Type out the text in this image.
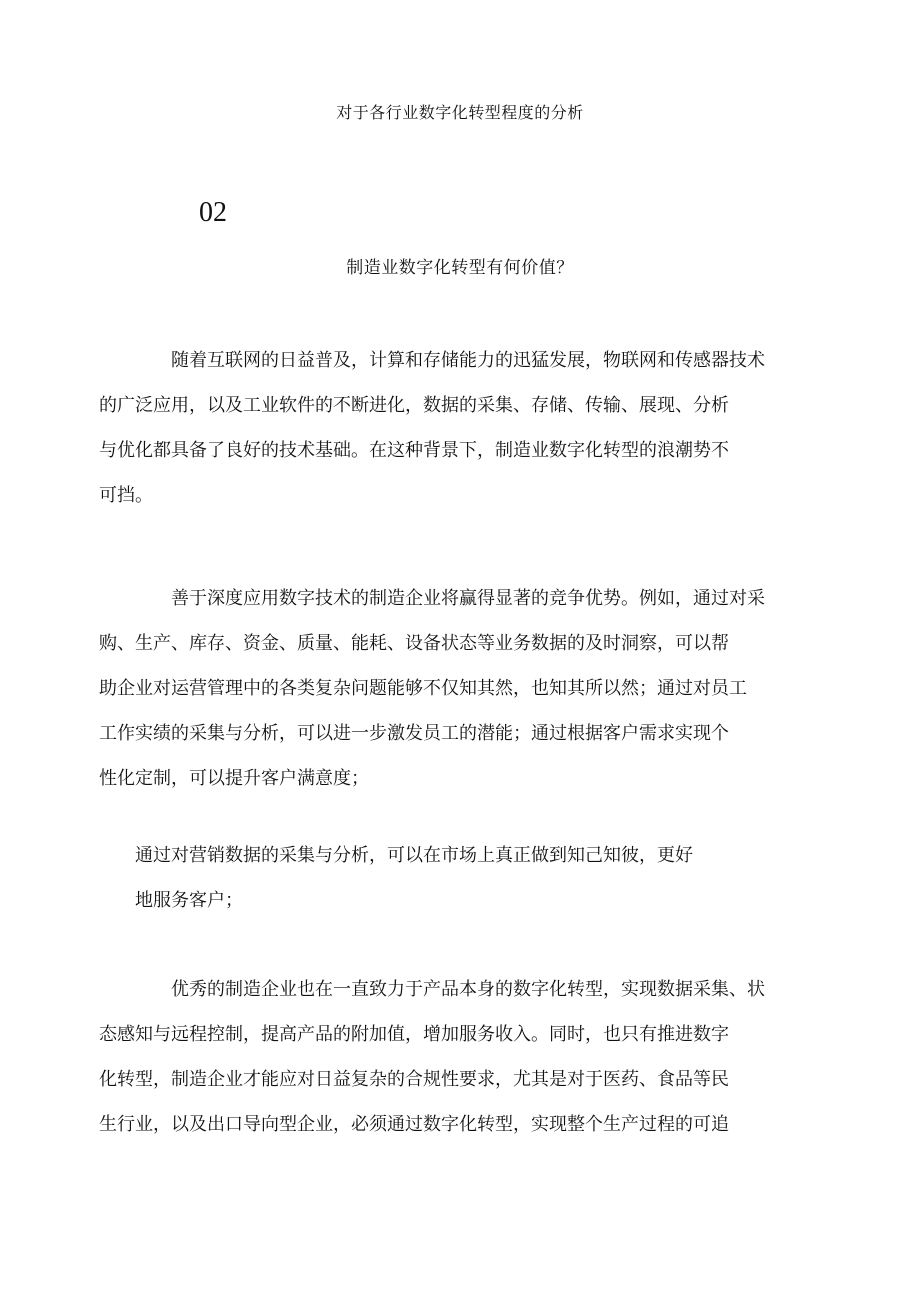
对于各行业数字化转型程度的分析
02
制造业数字化转型有何价值？

随着互联网的日益普及，计算和存储能力的迅猛发展，物联网和传感器技术
的广泛应用，以及工业软件的不断进化，数据的采集、存储、传输、展现、分析
与优化都具备了良好的技术基础。在这种背景下，制造业数字化转型的浪潮势不
可挡。

善于深度应用数字技术的制造企业将赢得显著的竞争优势。例如，通过对采
购、生产、库存、资金、质量、能耗、设备状态等业务数据的及时洞察，可以帮
助企业对运营管理中的各类复杂问题能够不仅知其然，也知其所以然；通过对员工
工作实绩的采集与分析，可以进一步激发员工的潜能；通过根据客户需求实现个
性化定制，可以提升客户满意度；

通过对营销数据的采集与分析，可以在市场上真正做到知己知彼，更好

地服务客户；

优秀的制造企业也在一直致力于产品本身的数字化转型，实现数据采集、状
态感知与远程控制，提高产品的附加值，增加服务收入。同时，也只有推进数字
化转型，制造企业才能应对日益复杂的合规性要求，尤其是对于医药、食品等民
生行业，以及出口导向型企业，必须通过数字化转型，实现整个生产过程的可追
